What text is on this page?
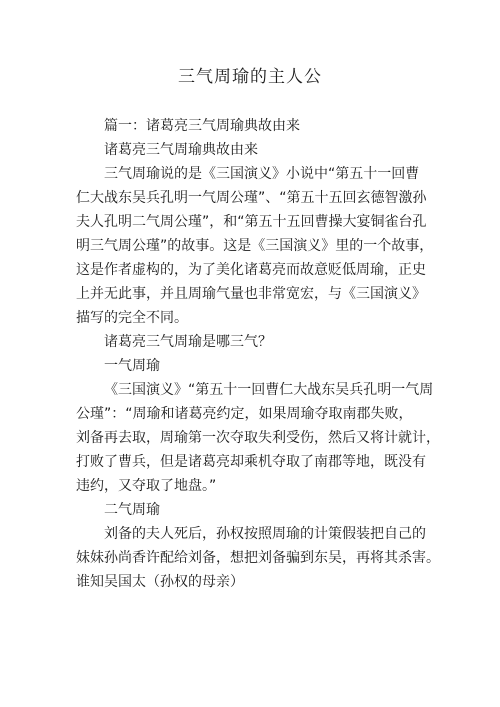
三气周瑜的主人公

篇一：诸葛亮三气周瑜典故由来

诸葛亮三气周瑜典故由来

三气周瑜说的是《三国演义》小说中“第五十一回曹
仁大战东吴兵孔明一气周公瑾”、“第五十五回玄德智激孙
夫人孔明二气周公瑾”，和“第五十五回曹操大宴铜雀台孔
明三气周公瑾”的故事。这是《三国演义》里的一个故事，
这是作者虚构的，为了美化诸葛亮而故意贬低周瑜，正史
上并无此事，并且周瑜气量也非常宽宏，与《三国演义》
描写的完全不同。

诸葛亮三气周瑜是哪三气？

一气周瑜

《三国演义》“第五十一回曹仁大战东吴兵孔明一气周
公瑾”：“周瑜和诸葛亮约定，如果周瑜夺取南郡失败，
刘备再去取，周瑜第一次夺取失利受伤，然后又将计就计，
打败了曹兵，但是诸葛亮却乘机夺取了南郡等地，既没有
违约，又夺取了地盘。”

二气周瑜

刘备的夫人死后，孙权按照周瑜的计策假装把自己的
妹妹孙尚香许配给刘备，想把刘备骗到东吴，再将其杀害。
谁知吴国太（孙权的母亲）
